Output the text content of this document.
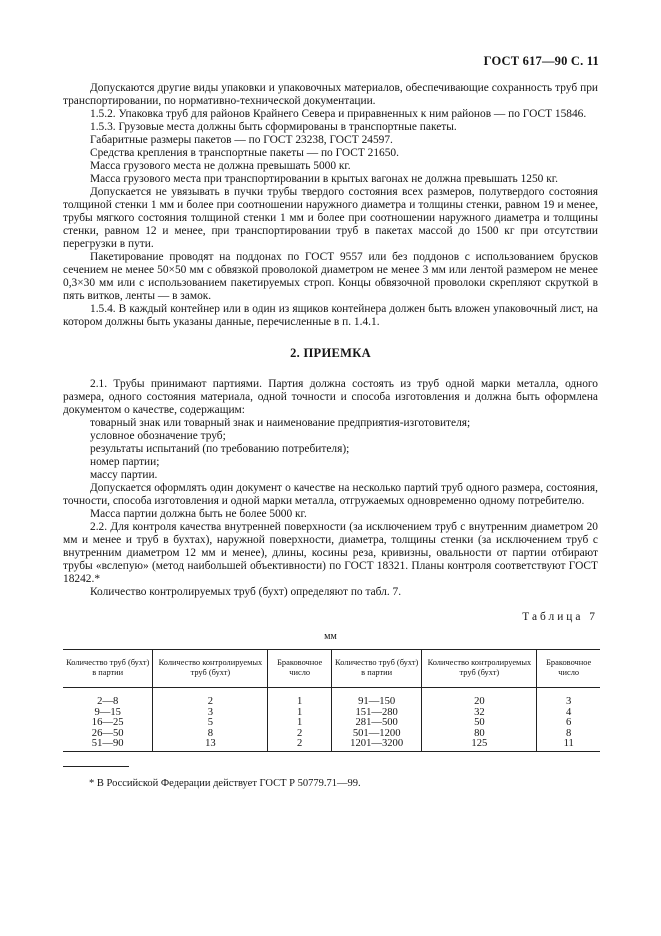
ГОСТ 617—90 С. 11

Допускаются другие виды упаковки и упаковочных материалов, обеспечивающие сохранность труб при транспортировании, по нормативно-технической документации.

1.5.2. Упаковка труб для районов Крайнего Севера и приравненных к ним районов — по ГОСТ 15846.

1.5.3. Грузовые места должны быть сформированы в транспортные пакеты.

Габаритные размеры пакетов — по ГОСТ 23238, ГОСТ 24597.

Средства крепления в транспортные пакеты — по ГОСТ 21650.

Масса грузового места не должна превышать 5000 кг.

Масса грузового места при транспортировании в крытых вагонах не должна превышать 1250 кг.

Допускается не увязывать в пучки трубы твердого состояния всех размеров, полутвердого состояния толщиной стенки 1 мм и более при соотношении наружного диаметра и толщины стенки, равном 19 и менее, трубы мягкого состояния толщиной стенки 1 мм и более при соотношении наружного диаметра и толщины стенки, равном 12 и менее, при транспортировании труб в пакетах массой до 1500 кг при отсутствии перегрузки в пути.

Пакетирование проводят на поддонах по ГОСТ 9557 или без поддонов с использованием брусков сечением не менее 50×50 мм с обвязкой проволокой диаметром не менее 3 мм или лентой размером не менее 0,3×30 мм или с использованием пакетируемых строп. Концы обвязочной проволоки скрепляют скруткой в пять витков, ленты — в замок.

1.5.4. В каждый контейнер или в один из ящиков контейнера должен быть вложен упаковочный лист, на котором должны быть указаны данные, перечисленные в п. 1.4.1.

2. ПРИЕМКА

2.1. Трубы принимают партиями. Партия должна состоять из труб одной марки металла, одного размера, одного состояния материала, одной точности и способа изготовления и должна быть оформлена документом о качестве, содержащим:

товарный знак или товарный знак и наименование предприятия-изготовителя;

условное обозначение труб;

результаты испытаний (по требованию потребителя);

номер партии;

массу партии.

Допускается оформлять один документ о качестве на несколько партий труб одного размера, состояния, точности, способа изготовления и одной марки металла, отгружаемых одновременно одному потребителю.

Масса партии должна быть не более 5000 кг.

2.2. Для контроля качества внутренней поверхности (за исключением труб с внутренним диаметром 20 мм и менее и труб в бухтах), наружной поверхности, диаметра, толщины стенки (за исключением труб с внутренним диаметром 12 мм и менее), длины, косины реза, кривизны, овальности от партии отбирают трубы «вслепую» (метод наибольшей объективности) по ГОСТ 18321. Планы контроля соответствуют ГОСТ 18242.*

Количество контролируемых труб (бухт) определяют по табл. 7.

Таблица 7
мм
Количество труб (бухт) в партии	Количество контролируемых труб (бухт)	Браковочное число	Количество труб (бухт) в партии	Количество контролируемых труб (бухт)	Браковочное число
2—8	2	1	91—150	20	3
9—15	3	1	151—280	32	4
16—25	5	1	281—500	50	6
26—50	8	2	501—1200	80	8
51—90	13	2	1201—3200	125	11
* В Российской Федерации действует ГОСТ Р 50779.71—99.
